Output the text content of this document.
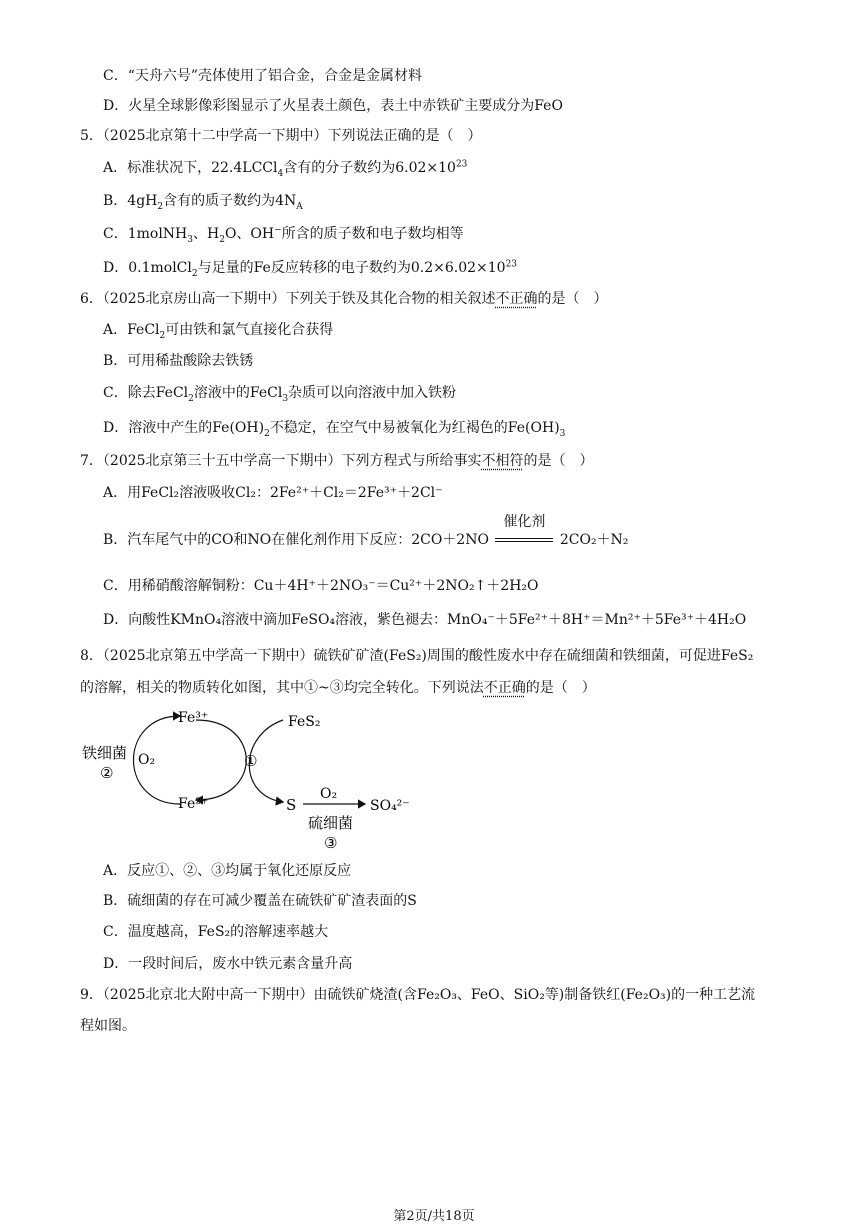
C．“天舟六号”壳体使用了铝合金，合金是金属材料
D．火星全球影像彩图显示了火星表土颜色，表土中赤铁矿主要成分为FeO
5．（2025北京第十二中学高一下期中）下列说法正确的是（　）
A．标准状况下，22.4LCCl$_4$含有的分子数约为$6.02\times 10^{23}$
B．$4gH_2$含有的质子数约为$4N_A$
C．1molNH$_3$、$H_2O$、OH−所含的质子数和电子数均相等
D．0.1molCl$_2$与足量的Fe反应转移的电子数约为$0.2\times 6.02\times 10^{23}$
6．（2025北京房山高一下期中）下列关于铁及其化合物的相关叙述不正确的是（　）
A．FeCl$_2$可由铁和氯气直接化合获得
B．可用稀盐酸除去铁锈
C．除去FeCl$_2$溶液中的FeCl$_3$杂质可以向溶液中加入铁粉
D．溶液中产生的$Fe(OH)_2$不稳定，在空气中易被氧化为红褐色的$Fe(OH)_3$
7．（2025北京第三十五中学高一下期中）下列方程式与所给事实不相符的是（　）
A．用FeCl₂溶液吸收Cl₂：2Fe²⁺＋Cl₂＝2Fe³⁺＋2Cl⁻
B．汽车尾气中的CO和NO在催化剂作用下反应：2CO＋2NO
催化剂
2CO₂＋N₂
C．用稀硝酸溶解铜粉：Cu＋4H⁺＋2NO₃⁻＝Cu²⁺＋2NO₂↑＋2H₂O
D．向酸性KMnO₄溶液中滴加FeSO₄溶液，紫色褪去：MnO₄⁻＋5Fe²⁺＋8H⁺＝Mn²⁺＋5Fe³⁺＋4H₂O
8．（2025北京第五中学高一下期中）硫铁矿矿渣(FeS₂)周围的酸性废水中存在硫细菌和铁细菌，可促进FeS₂
的溶解，相关的物质转化如图，其中①~③均完全转化。下列说法不正确的是（　）
Fe³⁺
Fe²⁺
FeS₂
O₂
铁细菌
②
①
S
O₂
SO₄²⁻
硫细菌
③
A．反应①、②、③均属于氧化还原反应
B．硫细菌的存在可减少覆盖在硫铁矿矿渣表面的S
C．温度越高，FeS₂的溶解速率越大
D．一段时间后，废水中铁元素含量升高
9．（2025北京北大附中高一下期中）由硫铁矿烧渣(含Fe₂O₃、FeO、SiO₂等)制备铁红(Fe₂O₃)的一种工艺流
程如图。
第2页/共18页
